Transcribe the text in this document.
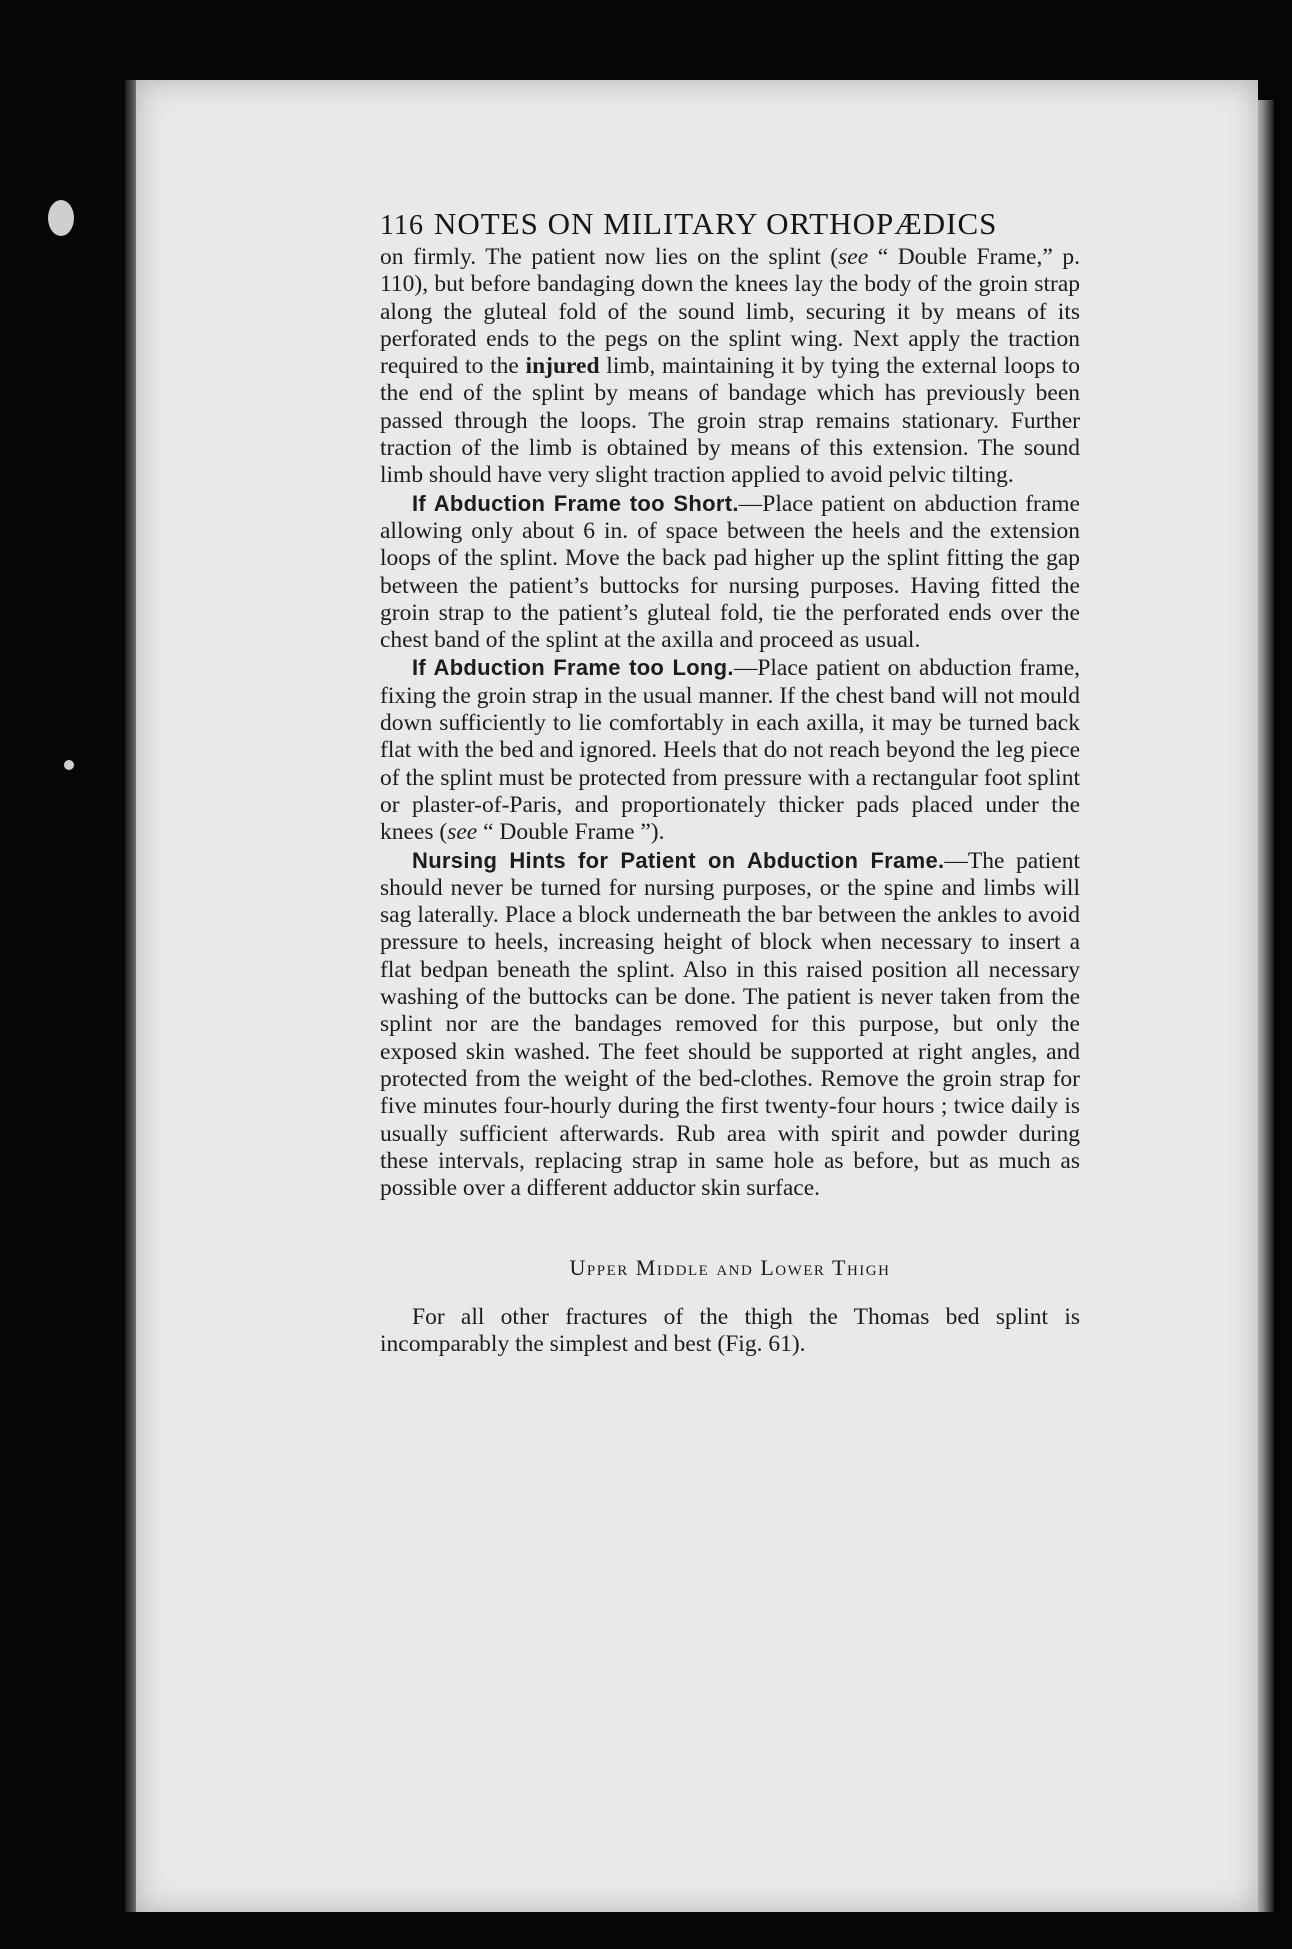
116 NOTES ON MILITARY ORTHOPÆDICS

on firmly. The patient now lies on the splint (see “ Double Frame,” p. 110), but before bandaging down the knees lay the body of the groin strap along the gluteal fold of the sound limb, securing it by means of its perforated ends to the pegs on the splint wing. Next apply the traction required to the injured limb, maintaining it by tying the external loops to the end of the splint by means of bandage which has previously been passed through the loops. The groin strap remains stationary. Further traction of the limb is obtained by means of this extension. The sound limb should have very slight traction applied to avoid pelvic tilting.

If Abduction Frame too Short.—Place patient on abduction frame allowing only about 6 in. of space between the heels and the extension loops of the splint. Move the back pad higher up the splint fitting the gap between the patient’s buttocks for nursing purposes. Having fitted the groin strap to the patient’s gluteal fold, tie the perforated ends over the chest band of the splint at the axilla and proceed as usual.

If Abduction Frame too Long.—Place patient on abduction frame, fixing the groin strap in the usual manner. If the chest band will not mould down sufficiently to lie comfortably in each axilla, it may be turned back flat with the bed and ignored. Heels that do not reach beyond the leg piece of the splint must be protected from pressure with a rectangular foot splint or plaster-of-Paris, and proportionately thicker pads placed under the knees (see “ Double Frame ”).

Nursing Hints for Patient on Abduction Frame.—The patient should never be turned for nursing purposes, or the spine and limbs will sag laterally. Place a block underneath the bar between the ankles to avoid pressure to heels, increasing height of block when necessary to insert a flat bedpan beneath the splint. Also in this raised position all necessary washing of the buttocks can be done. The patient is never taken from the splint nor are the bandages removed for this purpose, but only the exposed skin washed. The feet should be supported at right angles, and protected from the weight of the bed-clothes. Remove the groin strap for five minutes four-hourly during the first twenty-four hours ; twice daily is usually sufficient afterwards. Rub area with spirit and powder during these intervals, replacing strap in same hole as before, but as much as possible over a different adductor skin surface.

Upper Middle and Lower Thigh

For all other fractures of the thigh the Thomas bed splint is incomparably the simplest and best (Fig. 61).
